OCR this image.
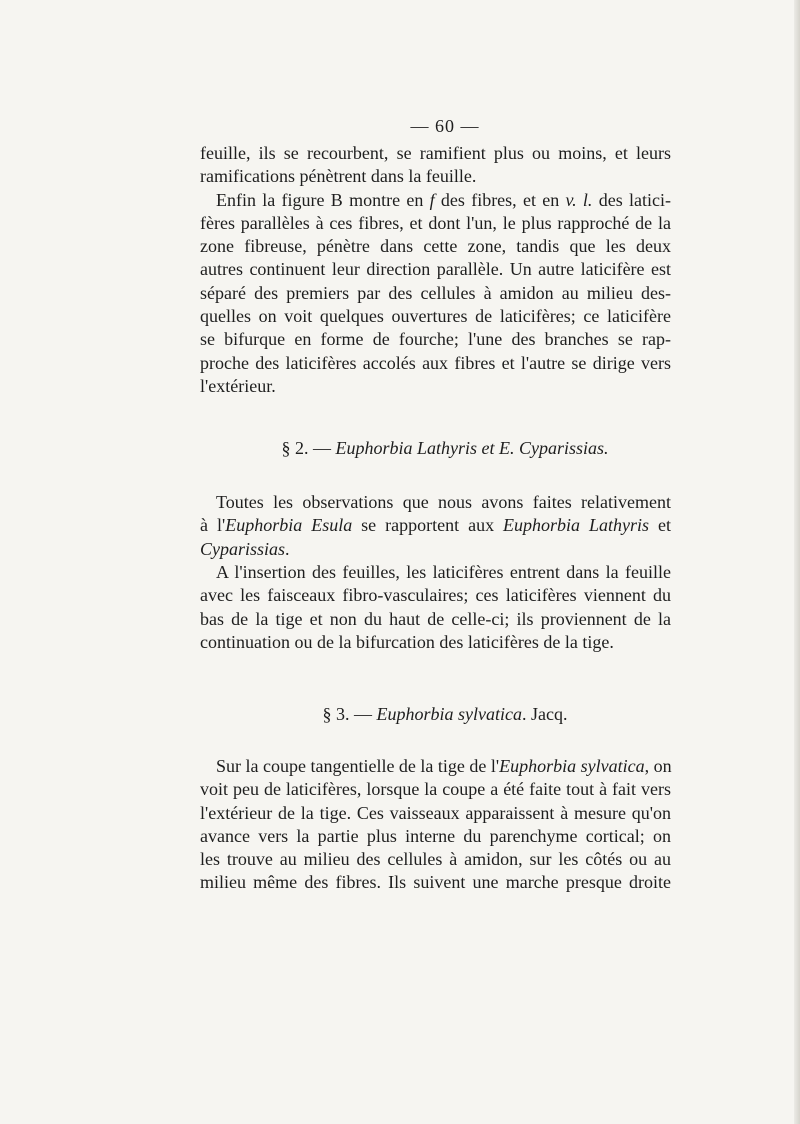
— 60 —
feuille, ils se recourbent, se ramifient plus ou moins, et leurs
ramifications pénètrent dans la feuille.
Enfin la figure B montre en f des fibres, et en v. l. des latici-
fères parallèles à ces fibres, et dont l'un, le plus rapproché de la
zone fibreuse, pénètre dans cette zone, tandis que les deux
autres continuent leur direction parallèle. Un autre laticifère est
séparé des premiers par des cellules à amidon au milieu des-
quelles on voit quelques ouvertures de laticifères; ce laticifère
se bifurque en forme de fourche; l'une des branches se rap-
proche des laticifères accolés aux fibres et l'autre se dirige vers
l'extérieur.
§ 2. — Euphorbia Lathyris et E. Cyparissias.
Toutes les observations que nous avons faites relativement
à l'Euphorbia Esula se rapportent aux Euphorbia Lathyris et
Cyparissias.
A l'insertion des feuilles, les laticifères entrent dans la feuille
avec les faisceaux fibro-vasculaires; ces laticifères viennent du
bas de la tige et non du haut de celle-ci; ils proviennent de la
continuation ou de la bifurcation des laticifères de la tige.
§ 3. — Euphorbia sylvatica. Jacq.
Sur la coupe tangentielle de la tige de l'Euphorbia sylvatica, on
voit peu de laticifères, lorsque la coupe a été faite tout à fait vers
l'extérieur de la tige. Ces vaisseaux apparaissent à mesure qu'on
avance vers la partie plus interne du parenchyme cortical; on
les trouve au milieu des cellules à amidon, sur les côtés ou au
milieu même des fibres. Ils suivent une marche presque droite
